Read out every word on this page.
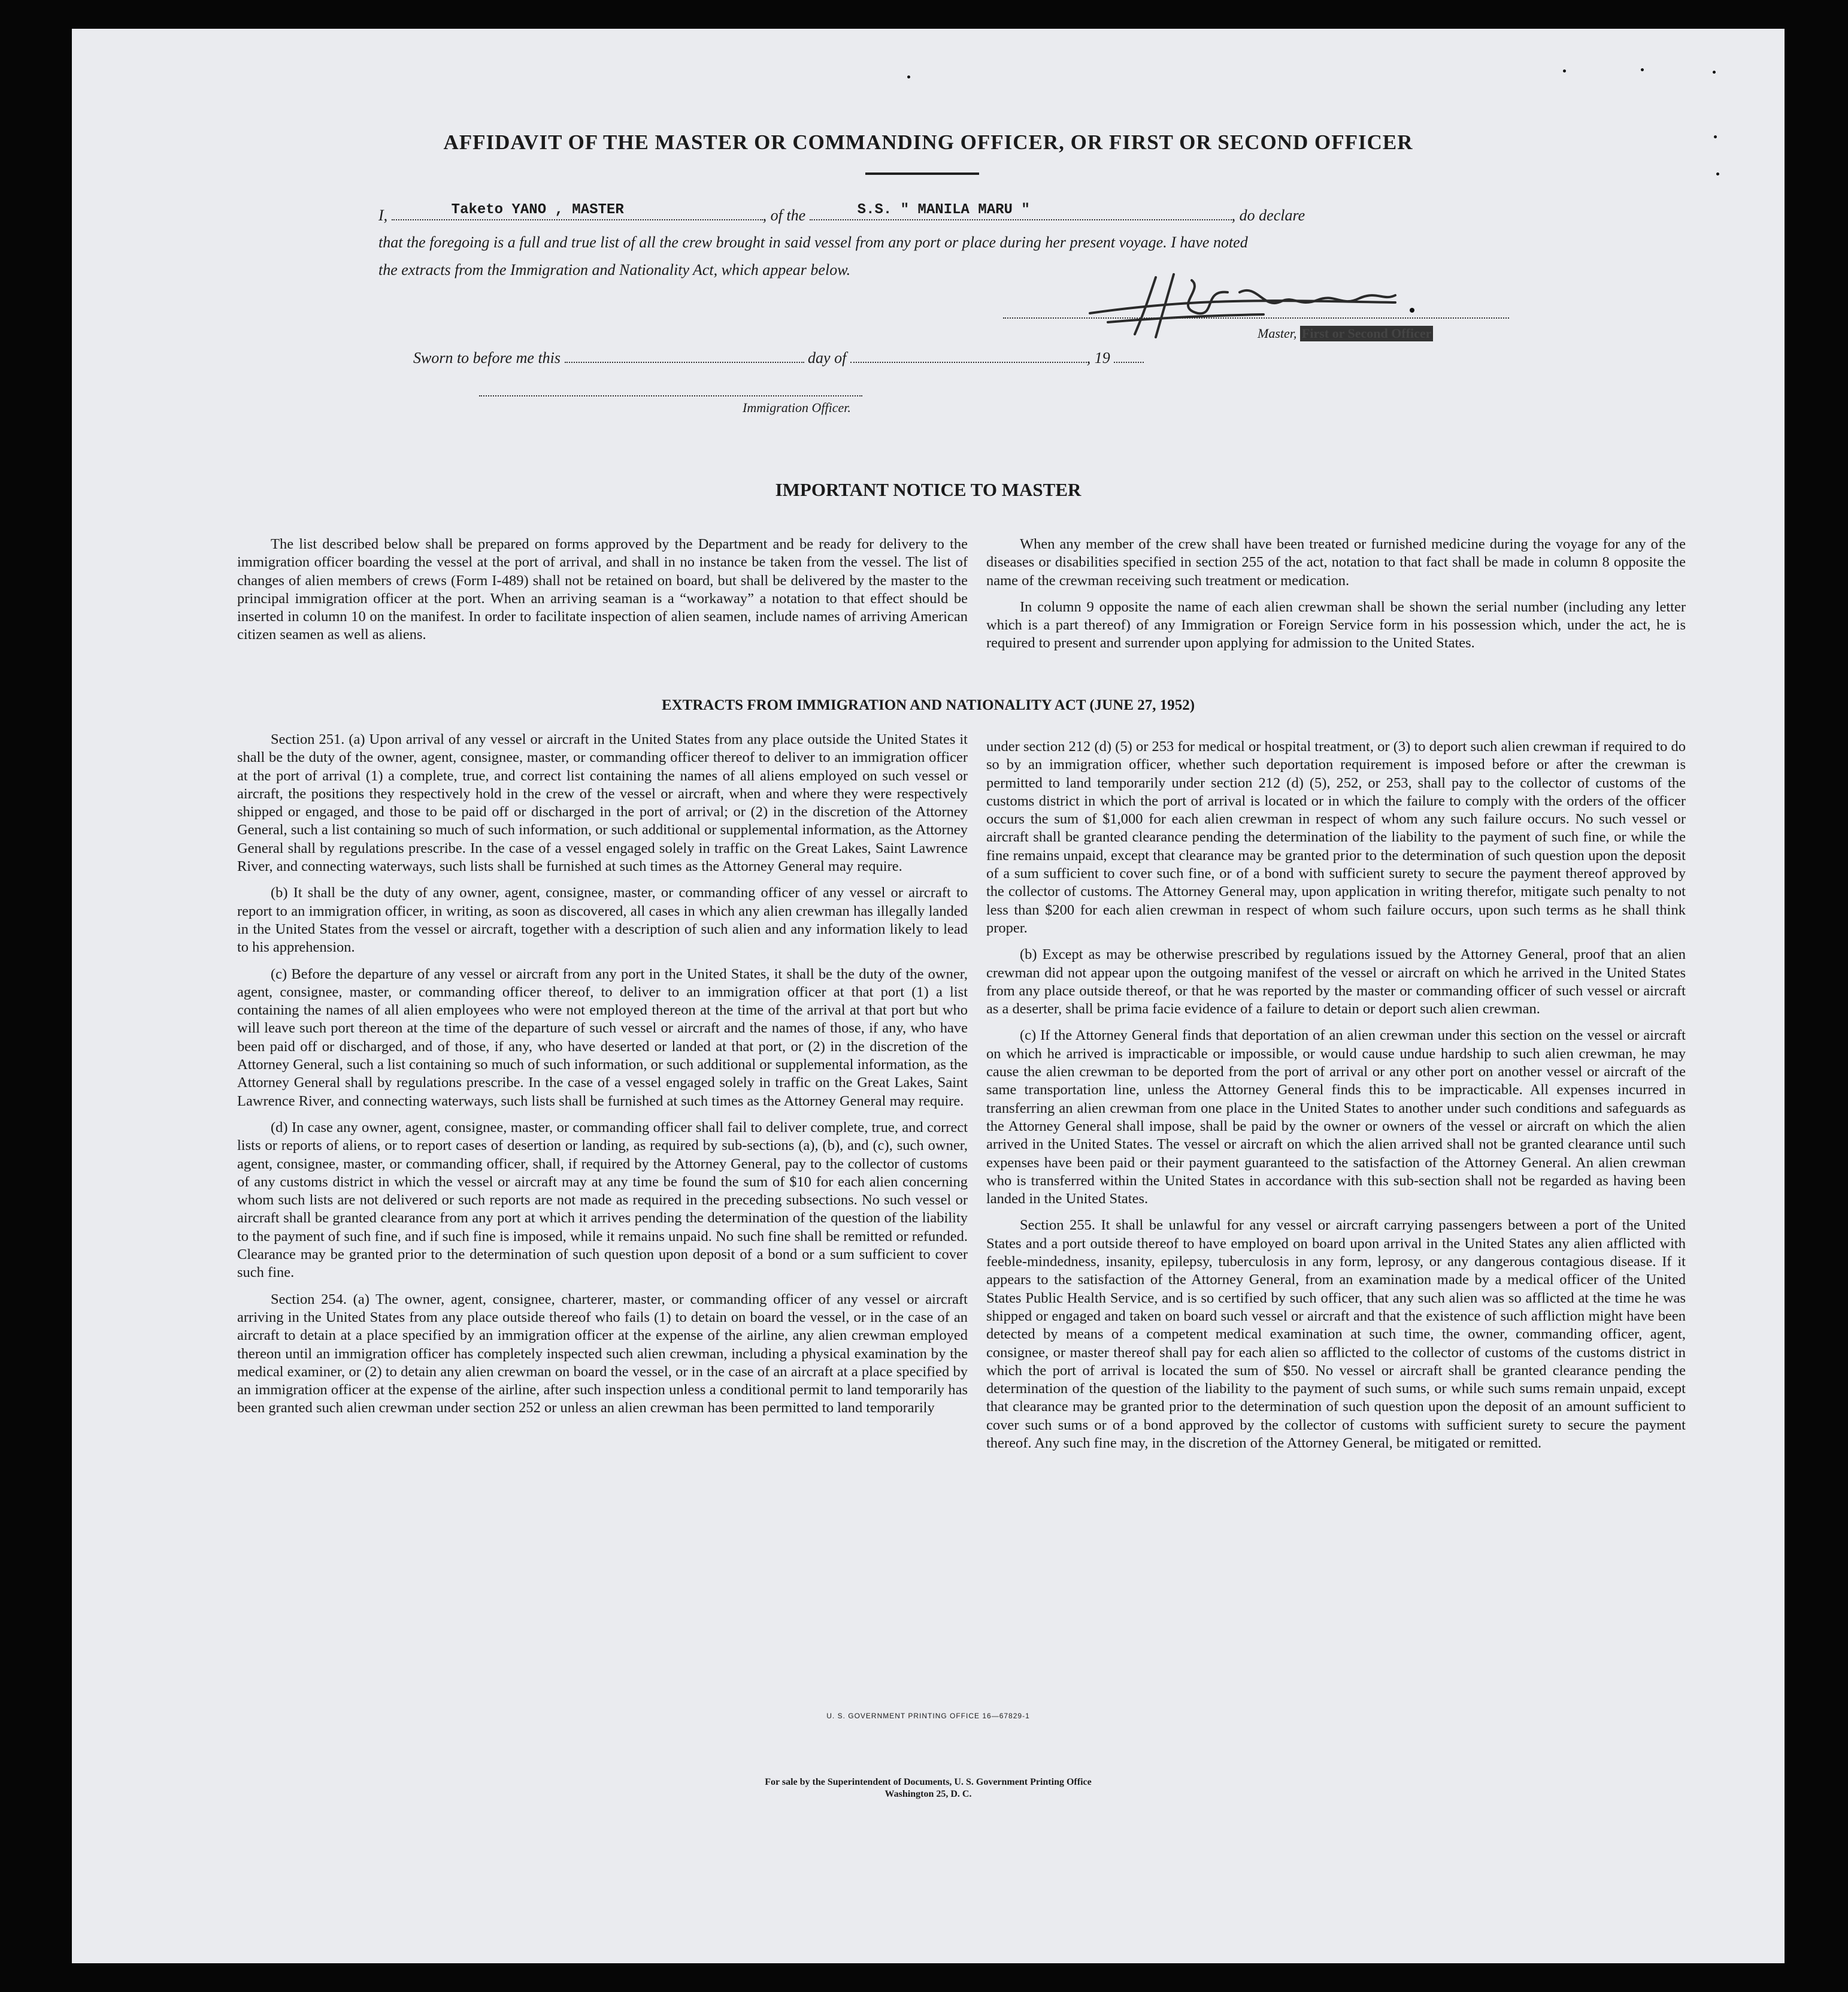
AFFIDAVIT OF THE MASTER OR COMMANDING OFFICER, OR FIRST OR SECOND OFFICER
I,	Taketo YANO , MASTER	, of the	S.S. " MANILA MARU "	, do declare
that the foregoing is a full and true list of all the crew brought in said vessel from any port or place during her present voyage. I have noted
the extracts from the Immigration and Nationality Act, which appear below.
Master, First or Second Officer
Sworn to before me this	day of	, 19
Immigration Officer.
IMPORTANT NOTICE TO MASTER

The list described below shall be prepared on forms approved by the Department and be ready for delivery to the immigration officer boarding the vessel at the port of arrival, and shall in no instance be taken from the vessel. The list of changes of alien members of crews (Form I-489) shall not be retained on board, but shall be delivered by the master to the principal immigration officer at the port. When an arriving seaman is a “workaway” a notation to that effect should be inserted in column 10 on the manifest. In order to facilitate inspection of alien seamen, include names of arriving American citizen seamen as well as aliens.

When any member of the crew shall have been treated or furnished medicine during the voyage for any of the diseases or disabilities specified in section 255 of the act, notation to that fact shall be made in column 8 opposite the name of the crewman receiving such treatment or medication.

In column 9 opposite the name of each alien crewman shall be shown the serial number (including any letter which is a part thereof) of any Immigration or Foreign Service form in his possession which, under the act, he is required to present and surrender upon applying for admission to the United States.

EXTRACTS FROM IMMIGRATION AND NATIONALITY ACT (JUNE 27, 1952)

Section 251. (a) Upon arrival of any vessel or aircraft in the United States from any place outside the United States it shall be the duty of the owner, agent, consignee, master, or commanding officer thereof to deliver to an immigration officer at the port of arrival (1) a complete, true, and correct list containing the names of all aliens employed on such vessel or aircraft, the positions they respectively hold in the crew of the vessel or aircraft, when and where they were respectively shipped or engaged, and those to be paid off or discharged in the port of arrival; or (2) in the discretion of the Attorney General, such a list containing so much of such information, or such additional or supplemental information, as the Attorney General shall by regulations prescribe. In the case of a vessel engaged solely in traffic on the Great Lakes, Saint Lawrence River, and connecting waterways, such lists shall be furnished at such times as the Attorney General may require.

(b) It shall be the duty of any owner, agent, consignee, master, or commanding officer of any vessel or aircraft to report to an immigration officer, in writing, as soon as discovered, all cases in which any alien crewman has illegally landed in the United States from the vessel or aircraft, together with a description of such alien and any information likely to lead to his apprehension.

(c) Before the departure of any vessel or aircraft from any port in the United States, it shall be the duty of the owner, agent, consignee, master, or commanding officer thereof, to deliver to an immigration officer at that port (1) a list containing the names of all alien employees who were not employed thereon at the time of the arrival at that port but who will leave such port thereon at the time of the departure of such vessel or aircraft and the names of those, if any, who have been paid off or discharged, and of those, if any, who have deserted or landed at that port, or (2) in the discretion of the Attorney General, such a list containing so much of such information, or such additional or supplemental information, as the Attorney General shall by regulations prescribe. In the case of a vessel engaged solely in traffic on the Great Lakes, Saint Lawrence River, and connecting waterways, such lists shall be furnished at such times as the Attorney General may require.

(d) In case any owner, agent, consignee, master, or commanding officer shall fail to deliver complete, true, and correct lists or reports of aliens, or to report cases of desertion or landing, as required by sub-sections (a), (b), and (c), such owner, agent, consignee, master, or commanding officer, shall, if required by the Attorney General, pay to the collector of customs of any customs district in which the vessel or aircraft may at any time be found the sum of $10 for each alien concerning whom such lists are not delivered or such reports are not made as required in the preceding subsections. No such vessel or aircraft shall be granted clearance from any port at which it arrives pending the determination of the question of the liability to the payment of such fine, and if such fine is imposed, while it remains unpaid. No such fine shall be remitted or refunded. Clearance may be granted prior to the determination of such question upon deposit of a bond or a sum sufficient to cover such fine.

Section 254. (a) The owner, agent, consignee, charterer, master, or commanding officer of any vessel or aircraft arriving in the United States from any place outside thereof who fails (1) to detain on board the vessel, or in the case of an aircraft to detain at a place specified by an immigration officer at the expense of the airline, any alien crewman employed thereon until an immigration officer has completely inspected such alien crewman, including a physical examination by the medical examiner, or (2) to detain any alien crewman on board the vessel, or in the case of an aircraft at a place specified by an immigration officer at the expense of the airline, after such inspection unless a conditional permit to land temporarily has been granted such alien crewman under section 252 or unless an alien crewman has been permitted to land temporarily

under section 212 (d) (5) or 253 for medical or hospital treatment, or (3) to deport such alien crewman if required to do so by an immigration officer, whether such deportation requirement is imposed before or after the crewman is permitted to land temporarily under section 212 (d) (5), 252, or 253, shall pay to the collector of customs of the customs district in which the port of arrival is located or in which the failure to comply with the orders of the officer occurs the sum of $1,000 for each alien crewman in respect of whom any such failure occurs. No such vessel or aircraft shall be granted clearance pending the determination of the liability to the payment of such fine, or while the fine remains unpaid, except that clearance may be granted prior to the determination of such question upon the deposit of a sum sufficient to cover such fine, or of a bond with sufficient surety to secure the payment thereof approved by the collector of customs. The Attorney General may, upon application in writing therefor, mitigate such penalty to not less than $200 for each alien crewman in respect of whom such failure occurs, upon such terms as he shall think proper.

(b) Except as may be otherwise prescribed by regulations issued by the Attorney General, proof that an alien crewman did not appear upon the outgoing manifest of the vessel or aircraft on which he arrived in the United States from any place outside thereof, or that he was reported by the master or commanding officer of such vessel or aircraft as a deserter, shall be prima facie evidence of a failure to detain or deport such alien crewman.

(c) If the Attorney General finds that deportation of an alien crewman under this section on the vessel or aircraft on which he arrived is impracticable or impossible, or would cause undue hardship to such alien crewman, he may cause the alien crewman to be deported from the port of arrival or any other port on another vessel or aircraft of the same transportation line, unless the Attorney General finds this to be impracticable. All expenses incurred in transferring an alien crewman from one place in the United States to another under such conditions and safeguards as the Attorney General shall impose, shall be paid by the owner or owners of the vessel or aircraft on which the alien arrived in the United States. The vessel or aircraft on which the alien arrived shall not be granted clearance until such expenses have been paid or their payment guaranteed to the satisfaction of the Attorney General. An alien crewman who is transferred within the United States in accordance with this sub-section shall not be regarded as having been landed in the United States.

Section 255. It shall be unlawful for any vessel or aircraft carrying passengers between a port of the United States and a port outside thereof to have employed on board upon arrival in the United States any alien afflicted with feeble-mindedness, insanity, epilepsy, tuberculosis in any form, leprosy, or any dangerous contagious disease. If it appears to the satisfaction of the Attorney General, from an examination made by a medical officer of the United States Public Health Service, and is so certified by such officer, that any such alien was so afflicted at the time he was shipped or engaged and taken on board such vessel or aircraft and that the existence of such affliction might have been detected by means of a competent medical examination at such time, the owner, commanding officer, agent, consignee, or master thereof shall pay for each alien so afflicted to the collector of customs of the customs district in which the port of arrival is located the sum of $50. No vessel or aircraft shall be granted clearance pending the determination of the question of the liability to the payment of such sums, or while such sums remain unpaid, except that clearance may be granted prior to the determination of such question upon the deposit of an amount sufficient to cover such sums or of a bond approved by the collector of customs with sufficient surety to secure the payment thereof. Any such fine may, in the discretion of the Attorney General, be mitigated or remitted.

U. S. GOVERNMENT PRINTING OFFICE 16—67829-1
For sale by the Superintendent of Documents, U. S. Government Printing Office
Washington 25, D. C.
